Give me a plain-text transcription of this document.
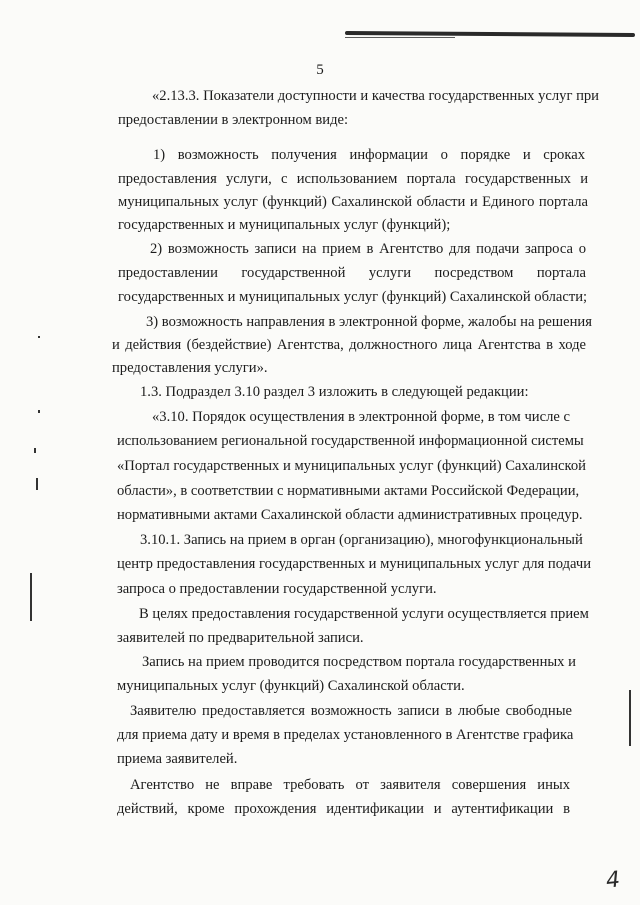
5
«2.13.3. Показатели доступности и качества государственных услуг при
предоставлении в электронном виде:
1) возможность получения информации о порядке и сроках
предоставления услуги, с использованием портала государственных и
муниципальных услуг (функций) Сахалинской области и Единого портала
государственных и муниципальных услуг (функций);
2) возможность записи на прием в Агентство для подачи запроса о
предоставлении государственной услуги посредством портала
государственных и муниципальных услуг (функций) Сахалинской области;
3) возможность направления в электронной форме, жалобы на решения
и действия (бездействие) Агентства, должностного лица Агентства в ходе
предоставления услуги».
1.3. Подраздел 3.10 раздел 3 изложить в следующей редакции:
«3.10. Порядок осуществления в электронной форме, в том числе с
использованием региональной государственной информационной системы
«Портал государственных и муниципальных услуг (функций) Сахалинской
области», в соответствии с нормативными актами Российской Федерации,
нормативными актами Сахалинской области административных процедур.
3.10.1. Запись на прием в орган (организацию), многофункциональный
центр предоставления государственных и муниципальных услуг для подачи
запроса о предоставлении государственной услуги.
В целях предоставления государственной услуги осуществляется прием
заявителей по предварительной записи.
Запись на прием проводится посредством портала государственных и
муниципальных услуг (функций) Сахалинской области.
Заявителю предоставляется возможность записи в любые свободные
для приема дату и время в пределах установленного в Агентстве графика
приема заявителей.
Агентство не вправе требовать от заявителя совершения иных
действий, кроме прохождения идентификации и аутентификации в
4
